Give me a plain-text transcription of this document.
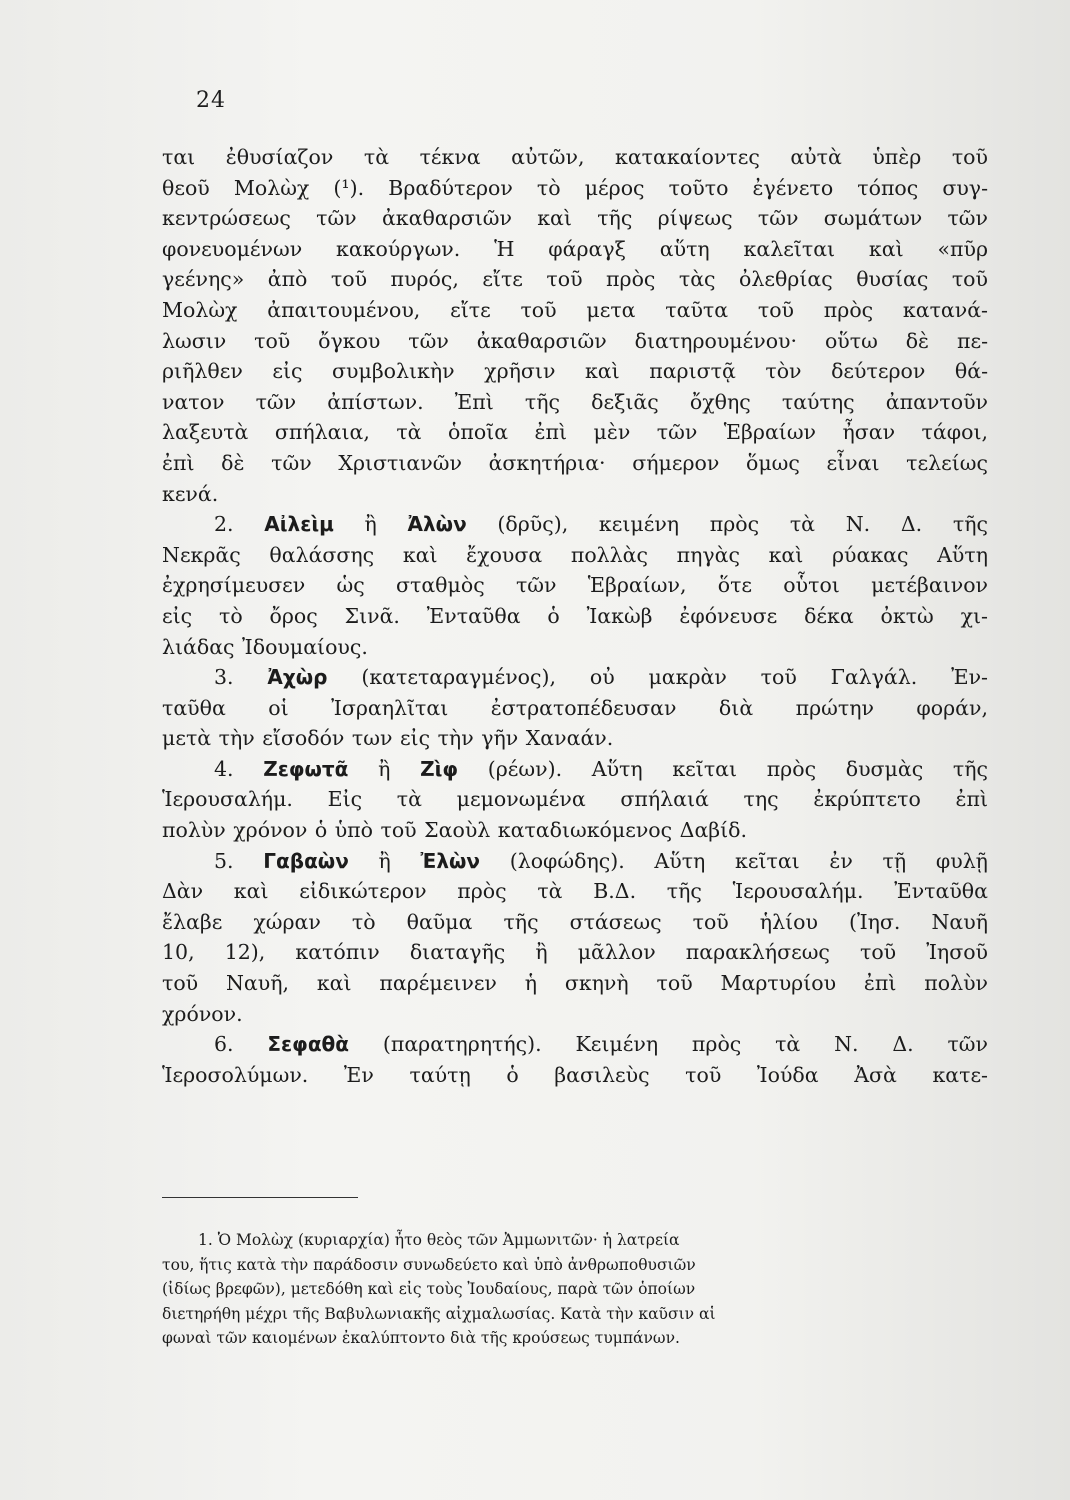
24
ται ἐθυσίαζον τὰ τέκνα αὐτῶν, κατακαίοντες αὐτὰ ὑπὲρ τοῦ
θεοῦ Μολὼχ (¹). Βραδύτερον τὸ μέρος τοῦτο ἐγένετο τόπος συγ-
κεντρώσεως τῶν ἀκαθαρσιῶν καὶ τῆς ρίψεως τῶν σωμάτων τῶν
φονευομένων κακούργων. Ἡ φάραγξ αὕτη καλεῖται καὶ «πῦρ
γεένης» ἀπὸ τοῦ πυρός, εἴτε τοῦ πρὸς τὰς ὀλεθρίας θυσίας τοῦ
Μολὼχ ἀπαιτουμένου, εἴτε τοῦ μετα ταῦτα τοῦ πρὸς κατανά-
λωσιν τοῦ ὄγκου τῶν ἀκαθαρσιῶν διατηρουμένου· οὕτω δὲ πε-
ριῆλθεν εἰς συμβολικὴν χρῆσιν καὶ παριστᾷ τὸν δεύτερον θά-
νατον τῶν ἀπίστων. Ἐπὶ τῆς δεξιᾶς ὄχθης ταύτης ἀπαντοῦν
λαξευτὰ σπήλαια, τὰ ὁποῖα ἐπὶ μὲν τῶν Ἑβραίων ἦσαν τάφοι,
ἐπὶ δὲ τῶν Χριστιανῶν ἀσκητήρια· σήμερον ὅμως εἶναι τελείως
κενά.
2. Αἰλεὶμ ἢ Ἀλὼν (δρῦς), κειμένη πρὸς τὰ Ν. Δ. τῆς
Νεκρᾶς θαλάσσης καὶ ἔχουσα πολλὰς πηγὰς καὶ ρύακας Αὕτη
ἐχρησίμευσεν ὡς σταθμὸς τῶν Ἑβραίων, ὅτε οὗτοι μετέβαινον
εἰς τὸ ὄρος Σινᾶ. Ἐνταῦθα ὁ Ἰακὼβ ἐφόνευσε δέκα ὀκτὼ χι-
λιάδας Ἰδουμαίους.
3. Ἀχὼρ (κατεταραγμένος), οὐ μακρὰν τοῦ Γαλγάλ. Ἐν-
ταῦθα οἱ Ἰσραηλῖται ἐστρατοπέδευσαν διὰ πρώτην φοράν,
μετὰ τὴν εἴσοδόν των εἰς τὴν γῆν Χαναάν.
4. Ζεφωτᾶ ἢ Ζὶφ (ρέων). Αὕτη κεῖται πρὸς δυσμὰς τῆς
Ἱερουσαλήμ. Εἰς τὰ μεμονωμένα σπήλαιά της ἐκρύπτετο ἐπὶ
πολὺν χρόνον ὁ ὑπὸ τοῦ Σαοὺλ καταδιωκόμενος Δαβίδ.
5. Γαβαὼν ἢ Ἐλὼν (λοφώδης). Αὕτη κεῖται ἐν τῇ φυλῇ
Δὰν καὶ εἰδικώτερον πρὸς τὰ Β.Δ. τῆς Ἱερουσαλήμ. Ἐνταῦθα
ἔλαβε χώραν τὸ θαῦμα τῆς στάσεως τοῦ ἡλίου (Ἰησ. Ναυῆ
10, 12), κατόπιν διαταγῆς ἢ μᾶλλον παρακλήσεως τοῦ Ἰησοῦ
τοῦ Ναυῆ, καὶ παρέμεινεν ἡ σκηνὴ τοῦ Μαρτυρίου ἐπὶ πολὺν
χρόνον.
6. Σεφαθὰ (παρατηρητής). Κειμένη πρὸς τὰ Ν. Δ. τῶν
Ἱεροσολύμων. Ἐν ταύτῃ ὁ βασιλεὺς τοῦ Ἰούδα Ἀσὰ κατε-
1. Ὁ Μολὼχ (κυριαρχία) ἦτο θεὸς τῶν Ἀμμωνιτῶν· ἡ λατρεία
του, ἥτις κατὰ τὴν παράδοσιν συνωδεύετο καὶ ὑπὸ ἀνθρωποθυσιῶν
(ἰδίως βρεφῶν), μετεδόθη καὶ εἰς τοὺς Ἰουδαίους, παρὰ τῶν ὁποίων
διετηρήθη μέχρι τῆς Βαβυλωνιακῆς αἰχμαλωσίας. Κατὰ τὴν καῦσιν αἱ
φωναὶ τῶν καιομένων ἐκαλύπτοντο διὰ τῆς κρούσεως τυμπάνων.
